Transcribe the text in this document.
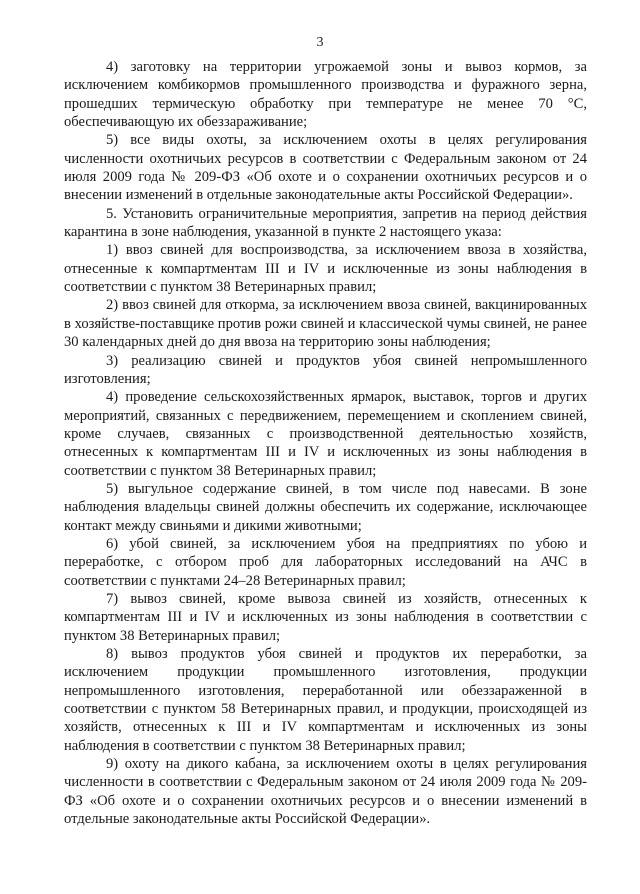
3

4) заготовку на территории угрожаемой зоны и вывоз кормов, за исключением комбикормов промышленного производства и фуражного зерна, прошедших термическую обработку при температуре не менее 70 °С, обеспечивающую их обеззараживание;

5) все виды охоты, за исключением охоты в целях регулирования численности охотничьих ресурсов в соответствии с Федеральным законом от 24 июля 2009 года № 209-ФЗ «Об охоте и о сохранении охотничьих ресурсов и о внесении изменений в отдельные законодательные акты Российской Федерации».

5. Установить ограничительные мероприятия, запретив на период действия карантина в зоне наблюдения, указанной в пункте 2 настоящего указа:

1) ввоз свиней для воспроизводства, за исключением ввоза в хозяйства, отнесенные к компартментам III и IV и исключенные из зоны наблюдения в соответствии с пунктом 38 Ветеринарных правил;

2) ввоз свиней для откорма, за исключением ввоза свиней, вакцинированных в хозяйстве-поставщике против рожи свиней и классической чумы свиней, не ранее 30 календарных дней до дня ввоза на территорию зоны наблюдения;

3) реализацию свиней и продуктов убоя свиней непромышленного изготовления;

4) проведение сельскохозяйственных ярмарок, выставок, торгов и других мероприятий, связанных с передвижением, перемещением и скоплением свиней, кроме случаев, связанных с производственной деятельностью хозяйств, отнесенных к компартментам III и IV и исключенных из зоны наблюдения в соответствии с пунктом 38 Ветеринарных правил;

5) выгульное содержание свиней, в том числе под навесами. В зоне наблюдения владельцы свиней должны обеспечить их содержание, исключающее контакт между свиньями и дикими животными;

6) убой свиней, за исключением убоя на предприятиях по убою и переработке, с отбором проб для лабораторных исследований на АЧС в соответствии с пунктами 24–28 Ветеринарных правил;

7) вывоз свиней, кроме вывоза свиней из хозяйств, отнесенных к компартментам III и IV и исключенных из зоны наблюдения в соответствии с пунктом 38 Ветеринарных правил;

8) вывоз продуктов убоя свиней и продуктов их переработки, за исключением продукции промышленного изготовления, продукции непромышленного изготовления, переработанной или обеззараженной в соответствии с пунктом 58 Ветеринарных правил, и продукции, происходящей из хозяйств, отнесенных к III и IV компартментам и исключенных из зоны наблюдения в соответствии с пунктом 38 Ветеринарных правил;

9) охоту на дикого кабана, за исключением охоты в целях регулирования численности в соответствии с Федеральным законом от 24 июля 2009 года № 209-ФЗ «Об охоте и о сохранении охотничьих ресурсов и о внесении изменений в отдельные законодательные акты Российской Федерации».
